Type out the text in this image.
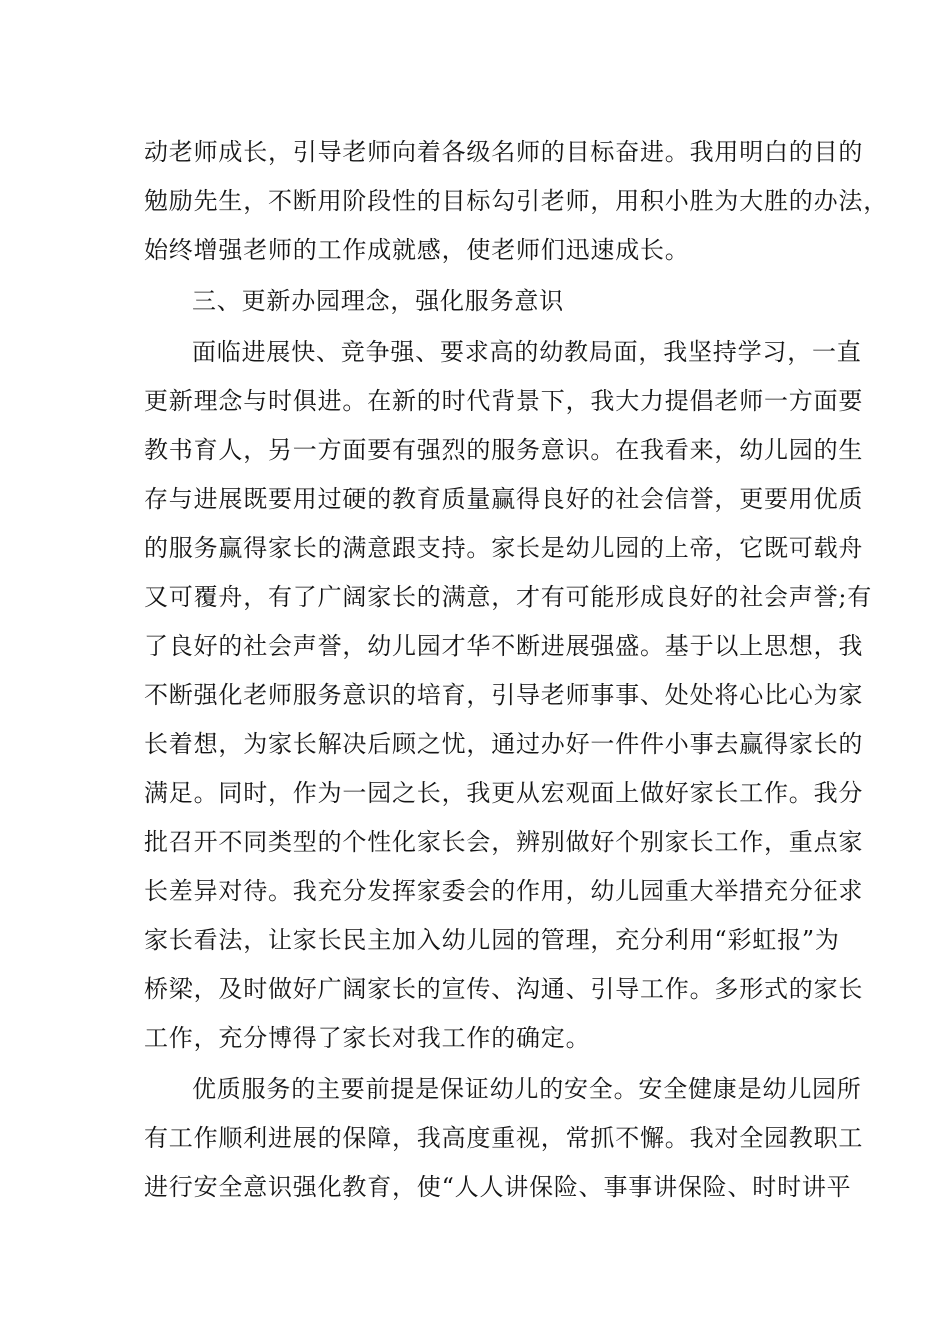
动老师成长，引导老师向着各级名师的目标奋进。我用明白的目的
勉励先生，不断用阶段性的目标勾引老师，用积小胜为大胜的办法，
始终增强老师的工作成就感，使老师们迅速成长。
三、更新办园理念，强化服务意识
面临进展快、竞争强、要求高的幼教局面，我坚持学习，一直
更新理念与时俱进。在新的时代背景下，我大力提倡老师一方面要
教书育人，另一方面要有强烈的服务意识。在我看来，幼儿园的生
存与进展既要用过硬的教育质量赢得良好的社会信誉，更要用优质
的服务赢得家长的满意跟支持。家长是幼儿园的上帝，它既可载舟
又可覆舟，有了广阔家长的满意，才有可能形成良好的社会声誉;有
了良好的社会声誉，幼儿园才华不断进展强盛。基于以上思想，我
不断强化老师服务意识的培育，引导老师事事、处处将心比心为家
长着想，为家长解决后顾之忧，通过办好一件件小事去赢得家长的
满足。同时，作为一园之长，我更从宏观面上做好家长工作。我分
批召开不同类型的个性化家长会，辨别做好个别家长工作，重点家
长差异对待。我充分发挥家委会的作用，幼儿园重大举措充分征求
家长看法，让家长民主加入幼儿园的管理，充分利用“彩虹报”为
桥梁，及时做好广阔家长的宣传、沟通、引导工作。多形式的家长
工作，充分博得了家长对我工作的确定。
优质服务的主要前提是保证幼儿的安全。安全健康是幼儿园所
有工作顺利进展的保障，我高度重视，常抓不懈。我对全园教职工
进行安全意识强化教育，使“人人讲保险、事事讲保险、时时讲平
